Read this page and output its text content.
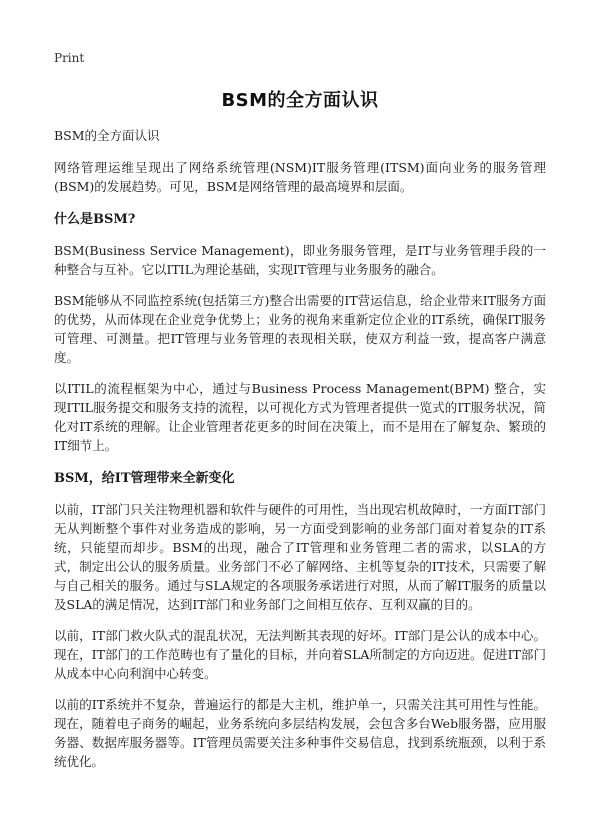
Print
BSM的全方面认识
BSM的全方面认识

网络管理运维呈现出了网络系统管理(NSM)IT服务管理(ITSM)面向业务的服务管理(BSM)的发展趋势。可见，BSM是网络管理的最高境界和层面。

什么是BSM?

BSM(Business Service Management)，即业务服务管理，是IT与业务管理手段的一种整合与互补。它以ITIL为理论基础，实现IT管理与业务服务的融合。

BSM能够从不同监控系统(包括第三方)整合出需要的IT营运信息，给企业带来IT服务方面的优势，从而体现在企业竞争优势上；业务的视角来重新定位企业的IT系统，确保IT服务可管理、可测量。把IT管理与业务管理的表现相关联，使双方利益一致，提高客户满意度。

以ITIL的流程框架为中心，通过与Business Process Management(BPM) 整合，实现ITIL服务提交和服务支持的流程，以可视化方式为管理者提供一览式的IT服务状况，简化对IT系统的理解。让企业管理者花更多的时间在决策上，而不是用在了解复杂、繁琐的IT细节上。

BSM，给IT管理带来全新变化

以前，IT部门只关注物理机器和软件与硬件的可用性，当出现宕机故障时，一方面IT部门无从判断整个事件对业务造成的影响，另一方面受到影响的业务部门面对着复杂的IT系统，只能望而却步。BSM的出现，融合了IT管理和业务管理二者的需求，以SLA的方式，制定出公认的服务质量。业务部门不必了解网络、主机等复杂的IT技术，只需要了解与自己相关的服务。通过与SLA规定的各项服务承诺进行对照，从而了解IT服务的质量以及SLA的满足情况，达到IT部门和业务部门之间相互依存、互利双赢的目的。

以前，IT部门救火队式的混乱状况，无法判断其表现的好坏。IT部门是公认的成本中心。现在，IT部门的工作范畴也有了量化的目标，并向着SLA所制定的方向迈进。促进IT部门从成本中心向利润中心转变。

以前的IT系统并不复杂，普遍运行的都是大主机，维护单一，只需关注其可用性与性能。现在，随着电子商务的崛起，业务系统向多层结构发展，会包含多台Web服务器，应用服务器、数据库服务器等。IT管理员需要关注多种事件交易信息，找到系统瓶颈，以利于系统优化。
